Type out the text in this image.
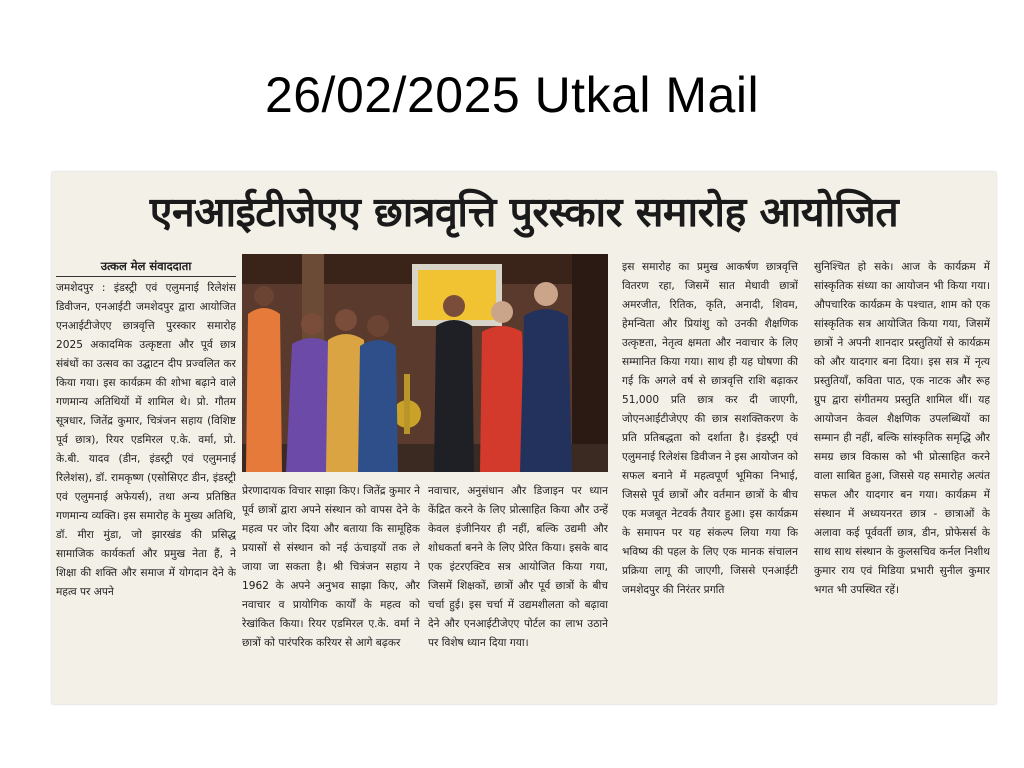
26/02/2025 Utkal Mail
एनआईटीजेएए छात्रवृत्ति पुरस्कार समारोह आयोजित
उत्कल मेल संवाददाता

जमशेदपुर : इंडस्ट्री एवं एलुमनाई रिलेशंस डिवीजन, एनआईटी जमशेदपुर द्वारा आयोजित एनआईटीजेएए छात्रवृत्ति पुरस्कार समारोह 2025 अकादमिक उत्कृष्टता और पूर्व छात्र संबंधों का उत्सव का उद्घाटन दीप प्रज्वलित कर किया गया। इस कार्यक्रम की शोभा बढ़ाने वाले गणमान्य अतिथियों में शामिल थे। प्रो. गौतम सूत्रधार, जितेंद्र कुमार, चित्रंजन सहाय (विशिष्ट पूर्व छात्र), रियर एडमिरल ए.के. वर्मा, प्रो. के.बी. यादव (डीन, इंडस्ट्री एवं एलुमनाई रिलेशंस), डॉ. रामकृष्ण (एसोसिएट डीन, इंडस्ट्री एवं एलुमनाई अफेयर्स), तथा अन्य प्रतिष्ठित गणमान्य व्यक्ति। इस समारोह के मुख्य अतिथि, डॉ. मीरा मुंडा, जो झारखंड की प्रसिद्ध सामाजिक कार्यकर्ता और प्रमुख नेता हैं, ने शिक्षा की शक्ति और समाज में योगदान देने के महत्व पर अपने

प्रेरणादायक विचार साझा किए। जितेंद्र कुमार ने पूर्व छात्रों द्वारा अपने संस्थान को वापस देने के महत्व पर जोर दिया और बताया कि सामूहिक प्रयासों से संस्थान को नई ऊंचाइयों तक ले जाया जा सकता है। श्री चित्रंजन सहाय ने 1962 के अपने अनुभव साझा किए, और नवाचार व प्रायोगिक कार्यों के महत्व को रेखांकित किया। रियर एडमिरल ए.के. वर्मा ने छात्रों को पारंपरिक करियर से आगे बढ़कर

नवाचार, अनुसंधान और डिजाइन पर ध्यान केंद्रित करने के लिए प्रोत्साहित किया और उन्हें केवल इंजीनियर ही नहीं, बल्कि उद्यमी और शोधकर्ता बनने के लिए प्रेरित किया। इसके बाद एक इंटरएक्टिव सत्र आयोजित किया गया, जिसमें शिक्षकों, छात्रों और पूर्व छात्रों के बीच चर्चा हुई। इस चर्चा में उद्यमशीलता को बढ़ावा देने और एनआईटीजेएए पोर्टल का लाभ उठाने पर विशेष ध्यान दिया गया।

इस समारोह का प्रमुख आकर्षण छात्रवृत्ति वितरण रहा, जिसमें सात मेधावी छात्रों अमरजीत, रितिक, कृति, अनादी, शिवम, हेमन्विता और प्रियांशु को उनकी शैक्षणिक उत्कृष्टता, नेतृत्व क्षमता और नवाचार के लिए सम्मानित किया गया। साथ ही यह घोषणा की गई कि अगले वर्ष से छात्रवृत्ति राशि बढ़ाकर 51,000 प्रति छात्र कर दी जाएगी, जोएनआईटीजेएए की छात्र सशक्तिकरण के प्रति प्रतिबद्धता को दर्शाता है। इंडस्ट्री एवं एलुमनाई रिलेशंस डिवीजन ने इस आयोजन को सफल बनाने में महत्वपूर्ण भूमिका निभाई, जिससे पूर्व छात्रों और वर्तमान छात्रों के बीच एक मजबूत नेटवर्क तैयार हुआ। इस कार्यक्रम के समापन पर यह संकल्प लिया गया कि भविष्य की पहल के लिए एक मानक संचालन प्रक्रिया लागू की जाएगी, जिससे एनआईटी जमशेदपुर की निरंतर प्रगति

सुनिश्चित हो सके। आज के कार्यक्रम में सांस्कृतिक संध्या का आयोजन भी किया गया। औपचारिक कार्यक्रम के पश्चात, शाम को एक सांस्कृतिक सत्र आयोजित किया गया, जिसमें छात्रों ने अपनी शानदार प्रस्तुतियों से कार्यक्रम को और यादगार बना दिया। इस सत्र में नृत्य प्रस्तुतियाँ, कविता पाठ, एक नाटक और रूह ग्रुप द्वारा संगीतमय प्रस्तुति शामिल थीं। यह आयोजन केवल शैक्षणिक उपलब्धियों का सम्मान ही नहीं, बल्कि सांस्कृतिक समृद्धि और समग्र छात्र विकास को भी प्रोत्साहित करने वाला साबित हुआ, जिससे यह समारोह अत्यंत सफल और यादगार बन गया। कार्यक्रम में संस्थान में अध्ययनरत छात्र - छात्राओं के अलावा कई पूर्ववर्ती छात्र, डीन, प्रोफेसर्स के साथ साथ संस्थान के कुलसचिव कर्नल निशीथ कुमार राय एवं मिडिया प्रभारी सुनील कुमार भगत भी उपस्थित रहें।
